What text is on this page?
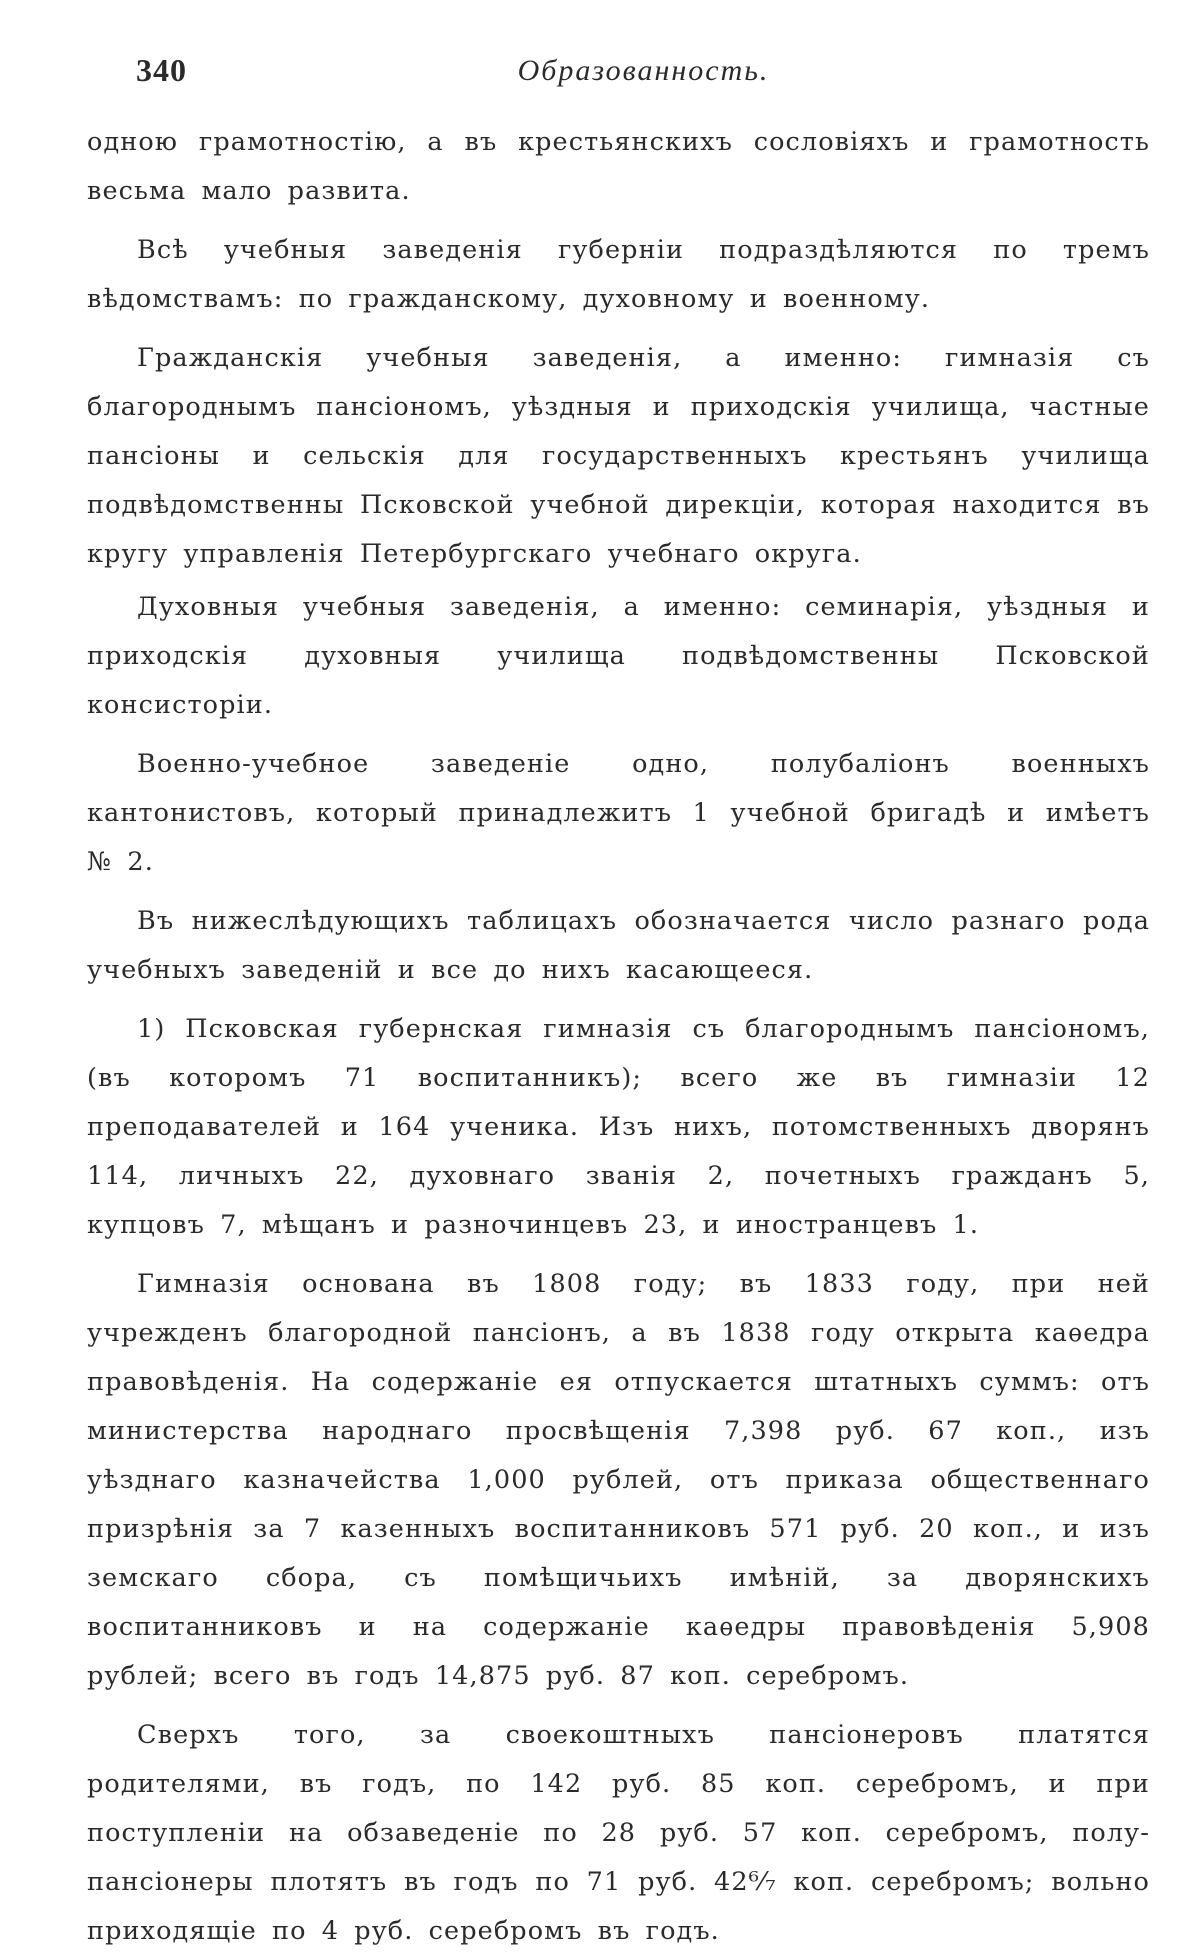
340	Образованность.

одною грамотностію, а въ крестьянскихъ сословіяхъ и грамотность весьма мало развита.

Всѣ учебныя заведенія губерніи подраздѣляются по тремъ вѣдомствамъ: по гражданскому, духовному и военному.

Гражданскія учебныя заведенія, а именно: гимназія съ благороднымъ пансіономъ, уѣздныя и приходскія училища, частные пансіоны и сельскія для государственныхъ крестьянъ училища подвѣдомственны Псковской учебной дирекціи, которая находится въ кругу управленія Петербургскаго учебнаго округа.

Духовныя учебныя заведенія, а именно: семинарія, уѣздныя и приходскія духовныя училища подвѣдомственны Псковской консисторіи.

Военно-учебное заведеніе одно, полубаліонъ военныхъ кантонистовъ, который принадлежитъ 1 учебной бригадѣ и имѣетъ № 2.

Въ нижеслѣдующихъ таблицахъ обозначается число разнаго рода учебныхъ заведеній и все до нихъ касающееся.

1) Псковская губернская гимназія съ благороднымъ пансіономъ, (въ которомъ 71 воспитанникъ); всего же въ гимназіи 12 преподавателей и 164 ученика. Изъ нихъ, потомственныхъ дворянъ 114, личныхъ 22, духовнаго званія 2, почетныхъ гражданъ 5, купцовъ 7, мѣщанъ и разночинцевъ 23, и иностранцевъ 1.

Гимназія основана въ 1808 году; въ 1833 году, при ней учрежденъ благородной пансіонъ, а въ 1838 году открыта каѳедра правовѣденія. На содержаніе ея отпускается штатныхъ суммъ: отъ министерства народнаго просвѣщенія 7,398 руб. 67 коп., изъ уѣзднаго казначейства 1,000 рублей, отъ приказа общественнаго призрѣнія за 7 казенныхъ воспитанниковъ 571 руб. 20 коп., и изъ земскаго сбора, съ помѣщичьихъ имѣній, за дворянскихъ воспитанниковъ и на содержаніе каѳедры правовѣденія 5,908 рублей; всего въ годъ 14,875 руб. 87 коп. серебромъ.

Сверхъ того, за своекоштныхъ пансіонеровъ платятся родителями, въ годъ, по 142 руб. 85 коп. серебромъ, и при поступленіи на обзаведеніе по 28 руб. 57 коп. серебромъ, полу-пансіонеры плотятъ въ годъ по 71 руб. 42⁶⁄₇ коп. серебромъ; вольно приходящіе по 4 руб. серебромъ въ годъ.
